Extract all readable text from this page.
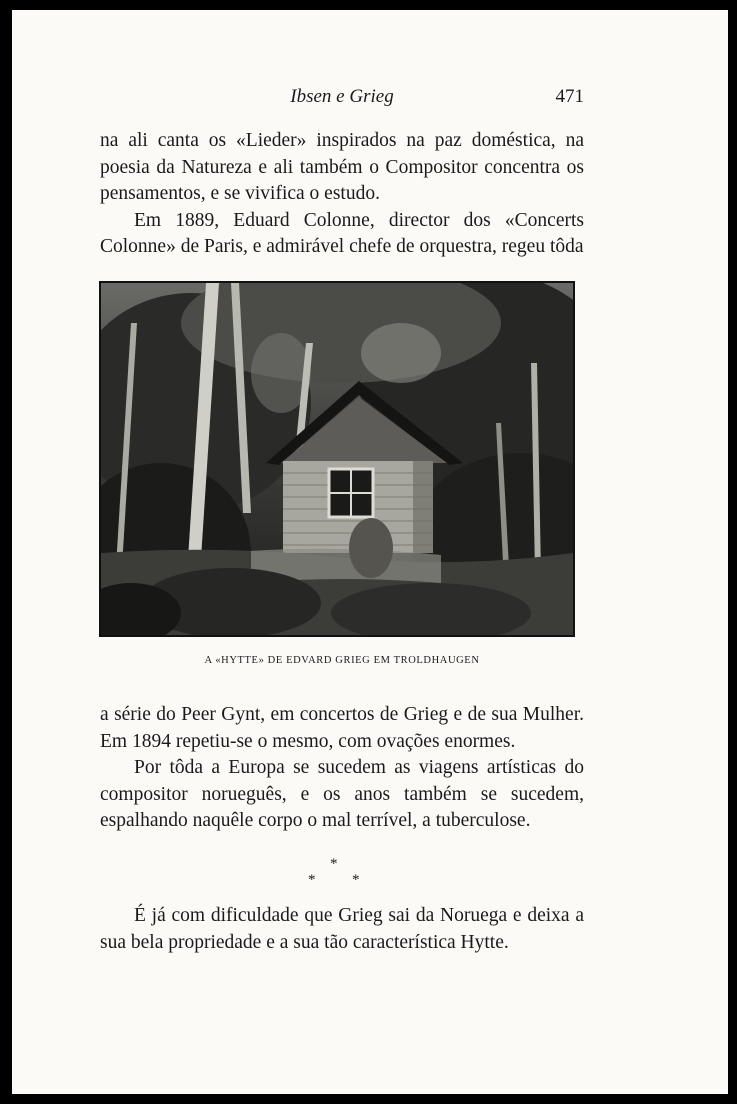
Ibsen e Grieg	471

na ali canta os «Lieder» inspirados na paz doméstica, na poesia da Natureza e ali também o Compositor concentra os pensamentos, e se vivifica o estudo.

Em 1889, Eduard Colonne, director dos «Concerts Colonne» de Paris, e admirável chefe de orquestra, regeu tôda

A «HYTTE» DE EDVARD GRIEG EM TROLDHAUGEN

a série do Peer Gynt, em concertos de Grieg e de sua Mulher. Em 1894 repetiu-se o mesmo, com ovações enormes.

Por tôda a Europa se sucedem as viagens artísticas do compositor norueguês, e os anos também se sucedem, espalhando naquêle corpo o mal terrível, a tuberculose.

*
* *

É já com dificuldade que Grieg sai da Noruega e deixa a sua bela propriedade e a sua tão característica Hytte.
